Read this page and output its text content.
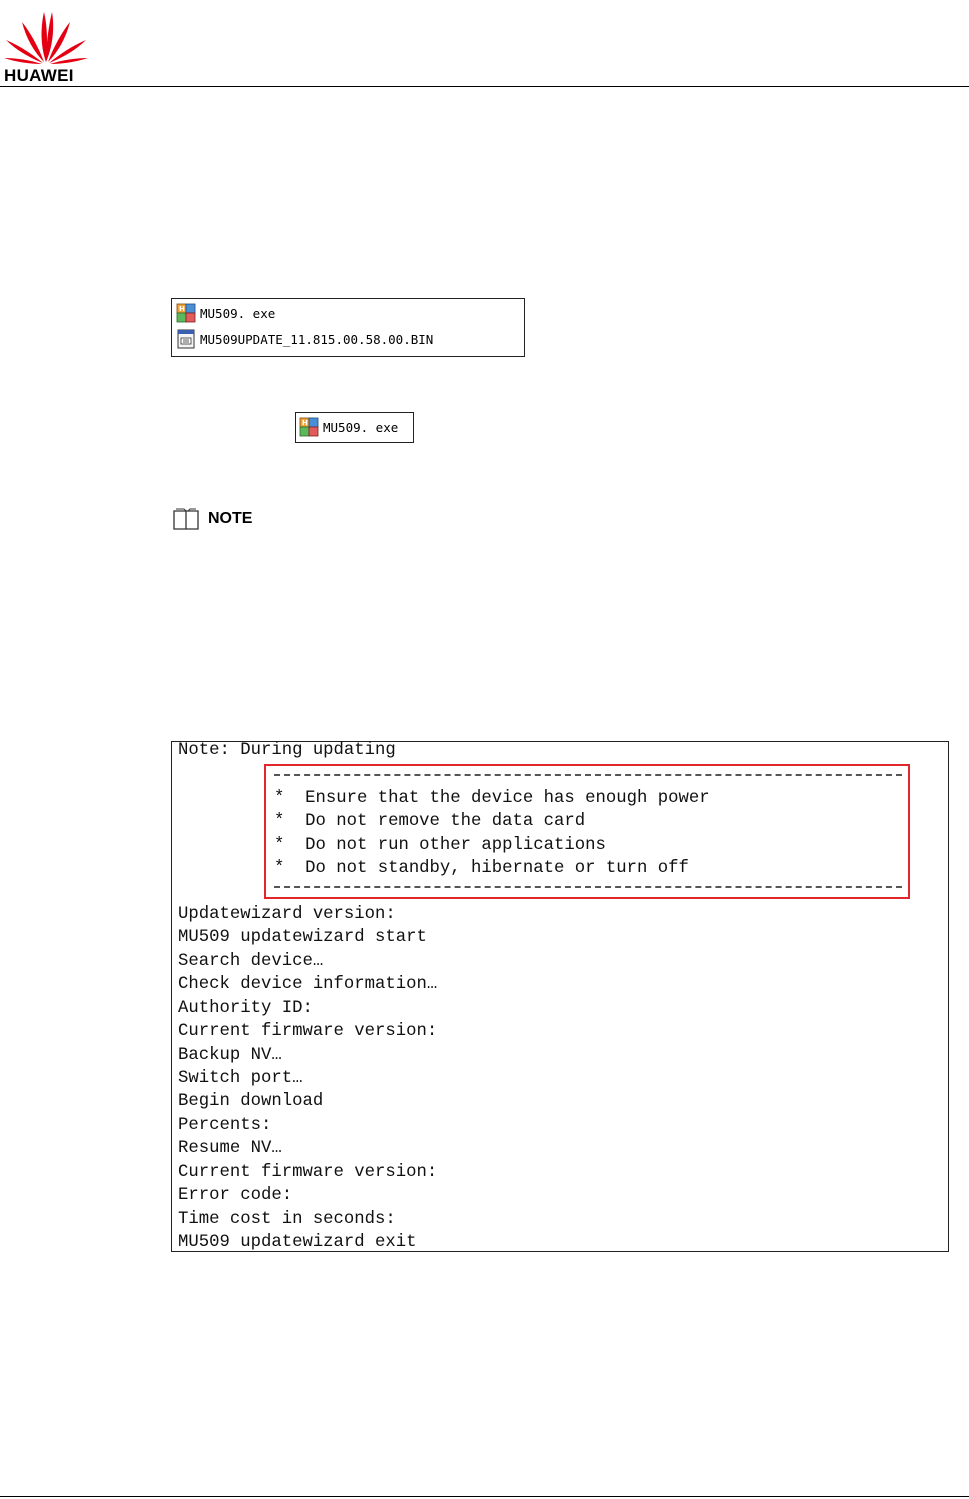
HUAWEI
H MU509. exe
MU509UPDATE_11.815.00.58.00.BIN
H MU509. exe
NOTE
Note: During updating
*  Ensure that the device has enough power
*  Do not remove the data card
*  Do not run other applications
*  Do not standby, hibernate or turn off
Updatewizard version:
MU509 updatewizard start
Search device…
Check device information…
Authority ID:
Current firmware version:
Backup NV…
Switch port…
Begin download
Percents:
Resume NV…
Current firmware version:
Error code:
Time cost in seconds:
MU509 updatewizard exit
